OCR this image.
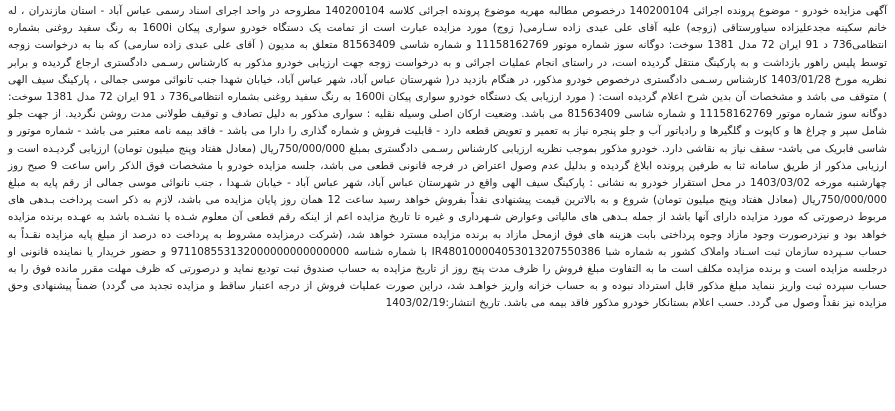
آگهی مزایده خودرو - موضوع پرونده اجرائی 140200104 درخصوص مطالبه مهریه موضوع پرونده اجرائی کلاسه 140200104 مطروحه در واحد اجرای اسناد رسمی عباس آباد - استان مازندران ، له خانم سکینه مجدعلیزاده سیاورستاقی (زوجه) علیه آقای علی عبدی زاده سـارمی( زوج) مورد مزایده عبارت است از تمامت یک دستگاه خودرو سواری پیکان 1600i به رنگ سفید روغنی بشماره انتظامی736 د 91 ایران 72 مدل 1381 سوخت: دوگانه سوز شماره موتور 11158162769 و شماره شاسی 81563409 متعلق به مدیون ( آقای علی عبدی زاده سارمی) که بنا به درخواست زوجه توسط پلیس راهور بازداشت و به پارکینگ منتقل گردیده است، در راستای انجام عملیات اجرائی و به درخواست زوجه جهت ارزیابی خودرو مذکور به کارشناس رسـمی دادگستری ارجاع گردیده و برابر نظریه مورخ 1403/01/28 کارشناس رسـمی دادگستری درخصوص خودرو مذکور، در هنگام بازدید در( شهرستان عباس آباد، شهر عباس آباد، خیابان شهدا جنب تانوائی موسی جمالی ، پارکینگ سیف الهی ) متوقف می باشد و مشخصات آن بدین شرح اعلام گردیده است: ( مورد ارزیابی یک دستگاه خودرو سواری پیکان 1600i به رنگ سفید روغنی بشماره انتظامی736 د 91 ایران 72 مدل 1381 سوخت: دوگانه سوز شماره موتور 11158162769 و شماره شاسی 81563409 می باشد. وضعیت ارکان اصلی وسیله نقلیه : سواری مذکور به دلیل تصادف و توقیف طولانی مدت روشن نگردید. از جهت جلو شامل سپر و چراغ ها و کاپوت و گلگیرها و رادیاتور آب و جلو پنجره نیاز به تعمیر و تعویض قطعه دارد - قابلیت فروش و شماره گذاری را دارا می باشد - فاقد بیمه نامه معتبر می باشد - شماره موتور و شاسی فابریک می باشد- سقف نیاز به نقاشی دارد. خودرو مذکور بموجب نظریه ارزیابی کارشناس رسـمی دادگستری بمبلغ 750/000/000ریال (معادل هفتاد وپنج میلیون تومان) ارزیابی گردیـده است و ارزیابی مذکور از طریق سامانه ثنا به طرفین پرونده ابلاغ گردیده و بدلیل عدم وصول اعتراض در فرجه قانونی قطعی می باشد، جلسه مزایده خودرو با مشخصات فوق الذکر راس ساعت 9 صبح روز چهارشنبه مورخه 1403/03/02 در محل استقرار خودرو به نشانی : پارکینگ سیف الهی واقع در شهرستان عباس آباد، شهر عباس آباد - خیابان شـهدا ، جنب نانوائی موسی جمالی از رقم پایه به مبلغ 750/000/000ریال (معادل هفتاد وپنج میلیون تومان) شروع و به بالاترین قیمت پیشنهادی نقداً بفروش خواهد رسید ساعت 12 همان روز پایان مزایده می باشد، لازم به ذکر است پرداخت بـدهی های مربوط درصورتی که مورد مزایده دارای آنها باشد از جمله بـدهی های مالیاتی وعوارض شـهرداری و غیره تا تاریخ مزایده اعم از اینکه رقم قطعی آن معلوم شـده یا نشـده باشد به عهـده برنده مزایده خواهد بود و نیزدرصورت وجود مازاد وجوه پرداختی بابت هزینه های فوق ازمحل مازاد به برنده مزایده مسترد خواهد شد، (شرکت درمزایده مشروط به پرداخت ده درصد از مبلغ پایه مزایده نقـداً به حساب سـپرده سازمان ثبت اسـناد واملاک کشور به شماره شبا IR480100004053013207550386 با شماره شناسه 971108553132000000000000000 و حضور خریدار یا نماینده قانونی او درجلسه مزایده است و برنده مزایده مکلف است ما به التفاوت مبلغ فروش را ظرف مدت پنج روز از تاریخ مزایده به حساب صندوق ثبت تودیع نماید و درصورتی که ظرف مهلت مقرر مانده فوق را به حساب سپرده ثبت واریز ننماید مبلغ مذکور قابل استرداد نبوده و به حساب خزانه واریز خواهـد شد، دراین صورت عملیات فروش از درجه اعتبار ساقط و مزایده تجدید می گردد) ضمناً پیشنهادی وحق مزایده نیز نقداً وصول می گردد. حسب اعلام بستانکار خودرو مذکور فاقد بیمه می باشد. تاریخ انتشار:1403/02/19
